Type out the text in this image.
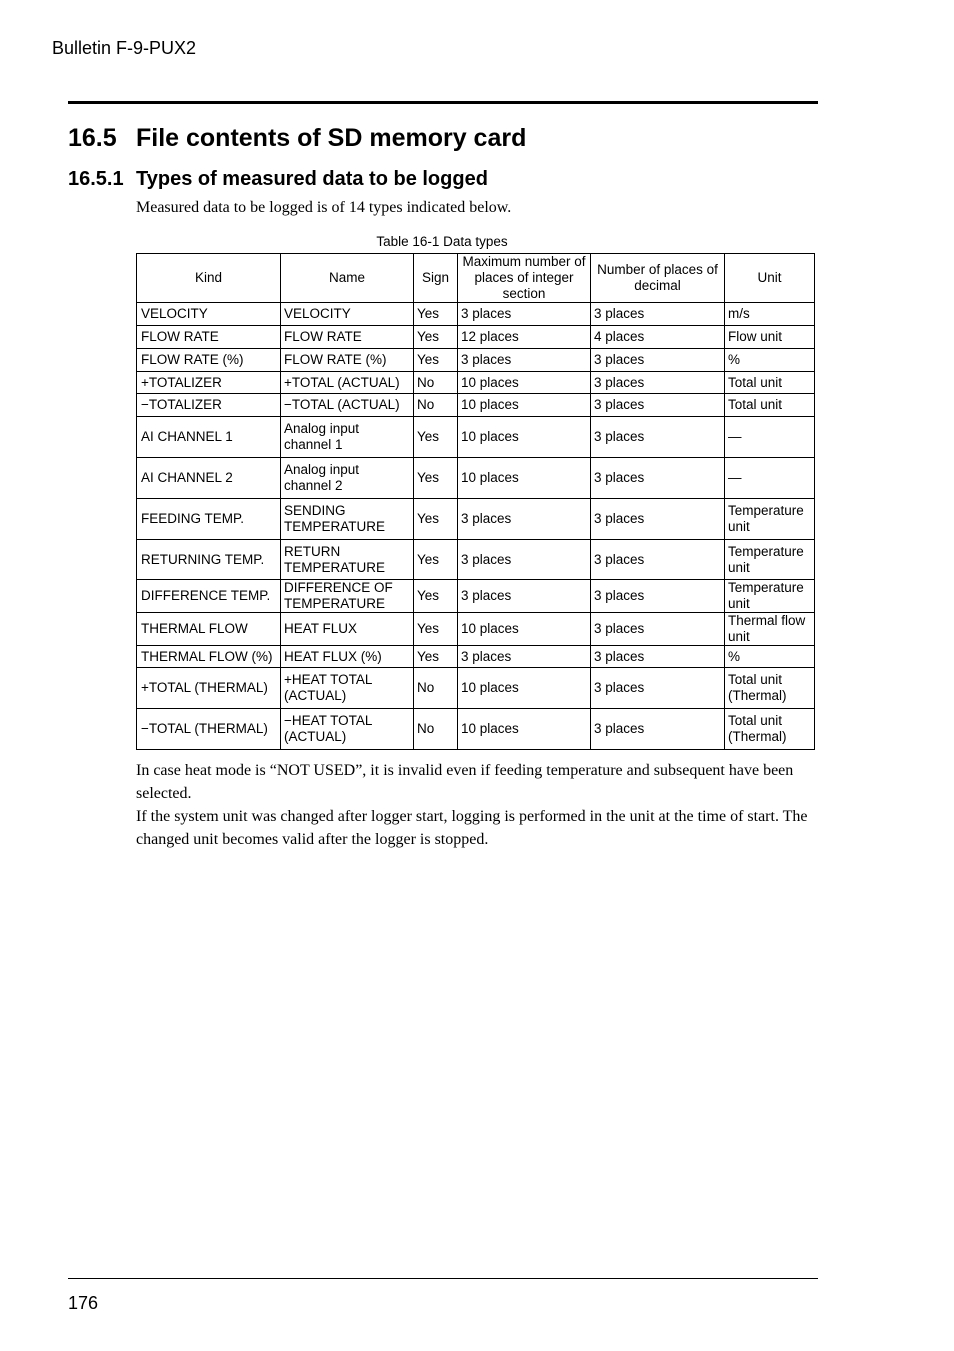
Bulletin F-9-PUX2
16.5 File contents of SD memory card
16.5.1 Types of measured data to be logged
Measured data to be logged is of 14 types indicated below.
Table 16-1 Data types
Kind	Name	Sign	Maximum number of places of integer section	Number of places of decimal	Unit
VELOCITY	VELOCITY	Yes	3 places	3 places	m/s
FLOW RATE	FLOW RATE	Yes	12 places	4 places	Flow unit
FLOW RATE (%)	FLOW RATE (%)	Yes	3 places	3 places	%
+TOTALIZER	+TOTAL (ACTUAL)	No	10 places	3 places	Total unit
−TOTALIZER	−TOTAL (ACTUAL)	No	10 places	3 places	Total unit
AI CHANNEL 1	Analog input channel 1	Yes	10 places	3 places	—
AI CHANNEL 2	Analog input channel 2	Yes	10 places	3 places	—
FEEDING TEMP.	SENDING TEMPERATURE	Yes	3 places	3 places	Temperature unit
RETURNING TEMP.	RETURN TEMPERATURE	Yes	3 places	3 places	Temperature unit
DIFFERENCE TEMP.	DIFFERENCE OF TEMPERATURE	Yes	3 places	3 places	Temperature unit
THERMAL FLOW	HEAT FLUX	Yes	10 places	3 places	Thermal flow unit
THERMAL FLOW (%)	HEAT FLUX (%)	Yes	3 places	3 places	%
+TOTAL (THERMAL)	+HEAT TOTAL (ACTUAL)	No	10 places	3 places	Total unit (Thermal)
−TOTAL (THERMAL)	−HEAT TOTAL (ACTUAL)	No	10 places	3 places	Total unit (Thermal)

In case heat mode is “NOT USED”, it is invalid even if feeding temperature and subsequent have been selected.

If the system unit was changed after logger start, logging is performed in the unit at the time of start. The changed unit becomes valid after the logger is stopped.

176
